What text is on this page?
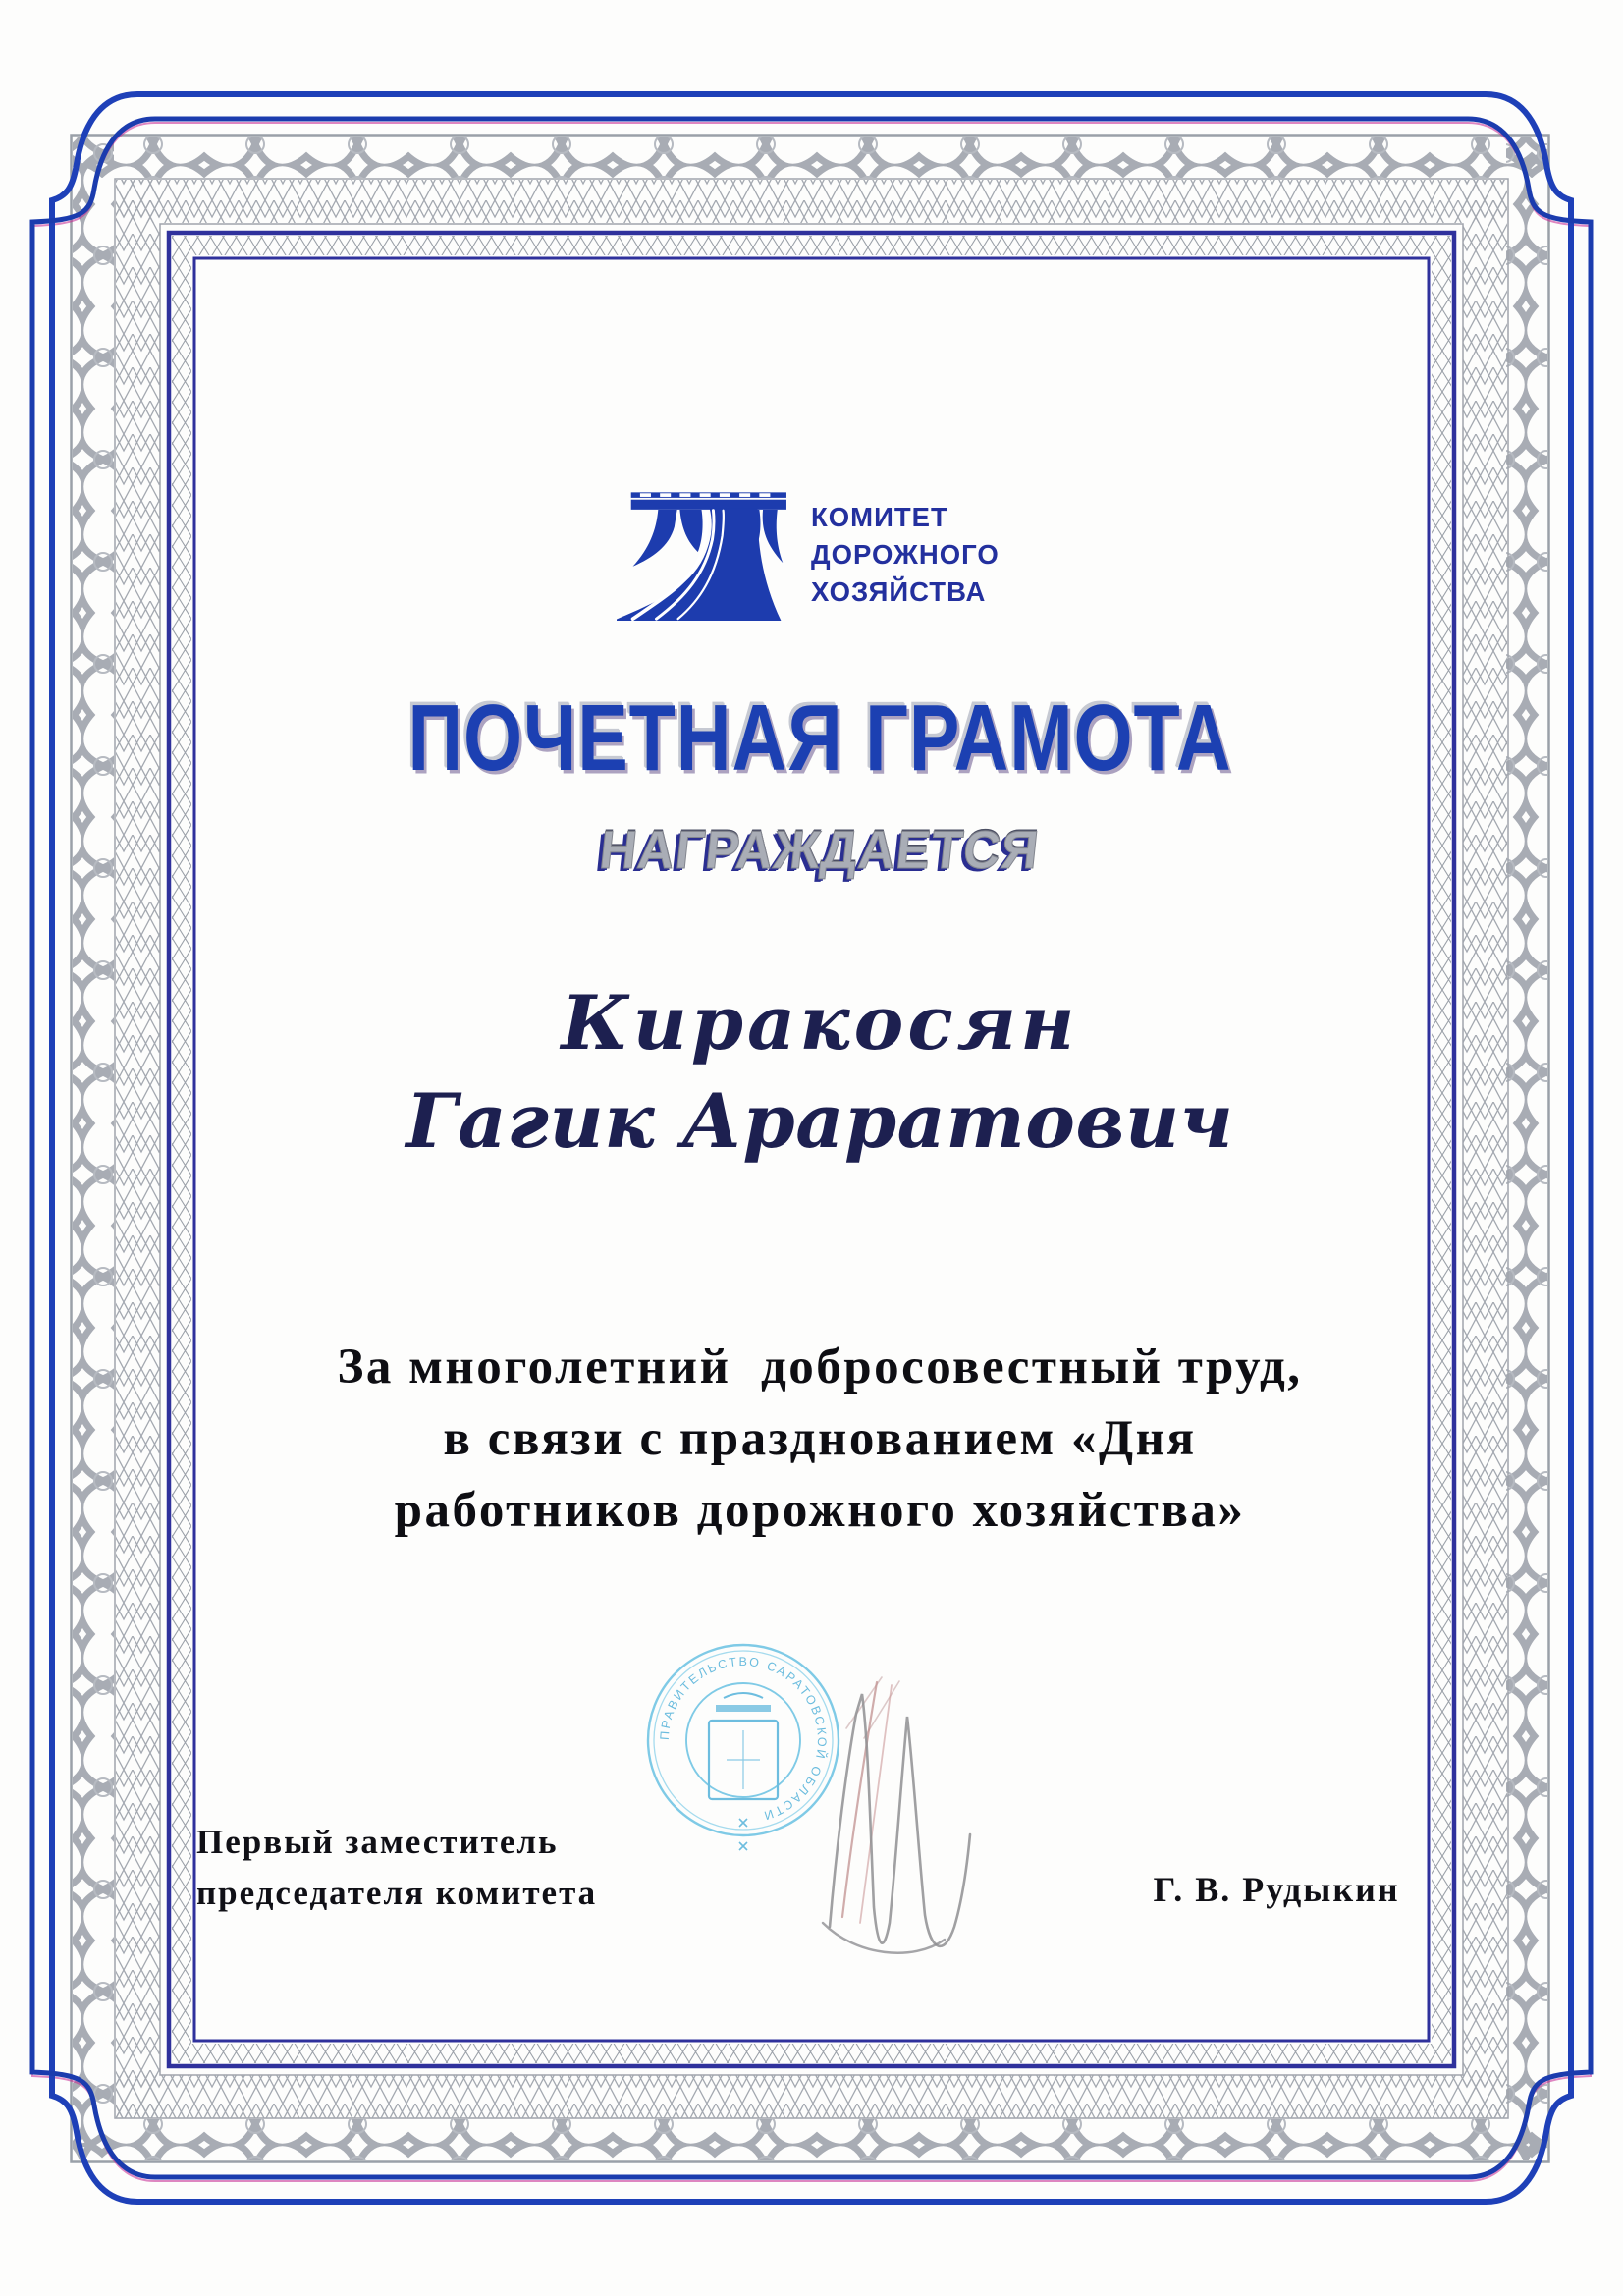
ПРАВИТЕЛЬСТВО САРАТОВСКОЙ ОБЛАСТИ
КОМИТЕТ
ДОРОЖНОГО
ХОЗЯЙСТВА
ПОЧЕТНАЯ ГРАМОТА
НАГРАЖДАЕТСЯ
Киракосян
Гагик Араратович
За многолетний  добросовестный труд,
в связи с празднованием «Дня
работников дорожного хозяйства»
Первый заместитель
председателя комитета	Г. В. Рудыкин
